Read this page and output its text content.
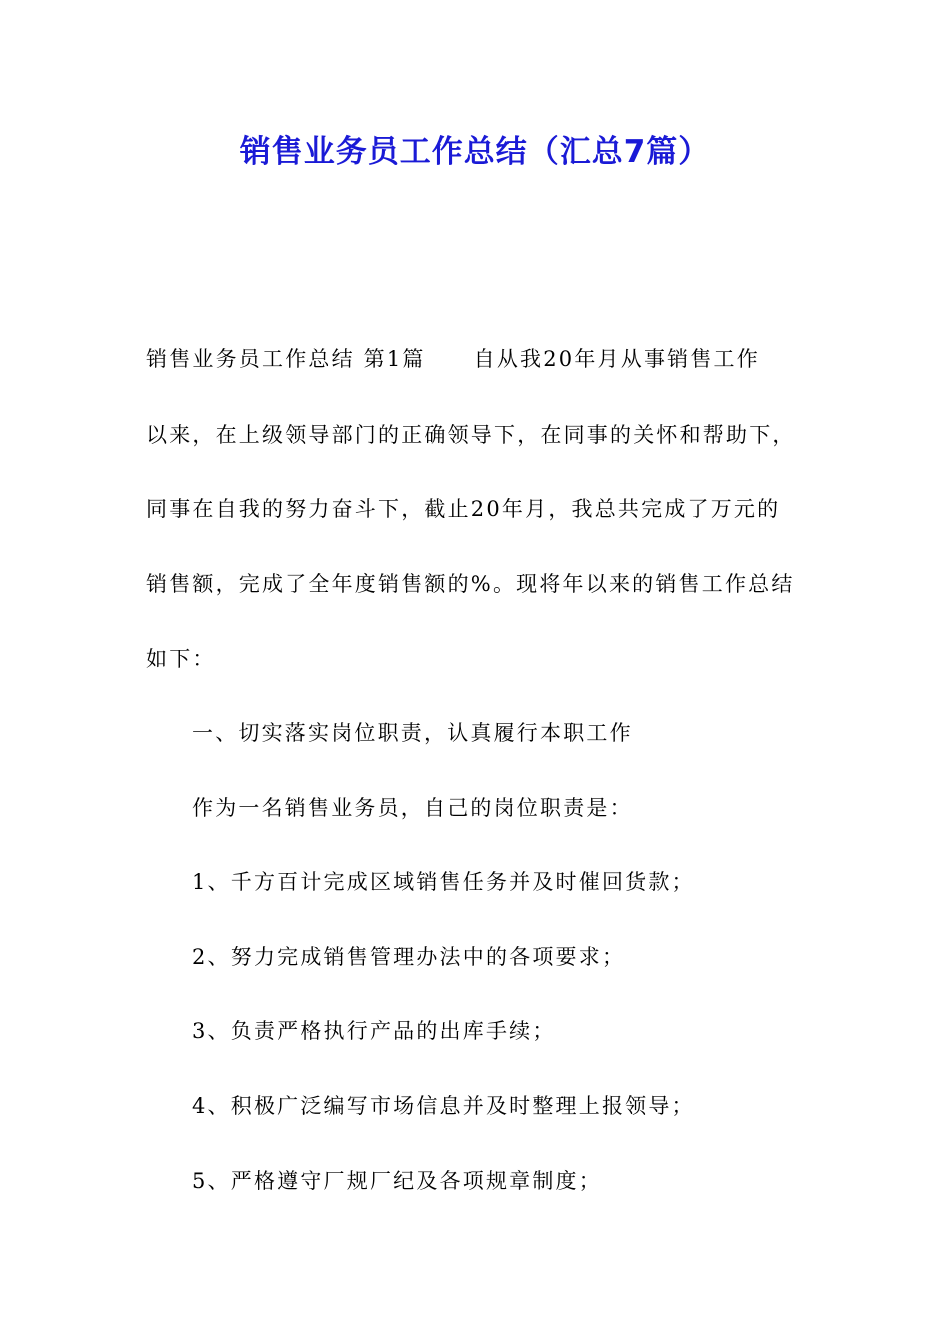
销售业务员工作总结（汇总7篇）
销售业务员工作总结 第1篇 自从我20年月从事销售工作
以来，在上级领导部门的正确领导下，在同事的关怀和帮助下，
同事在自我的努力奋斗下，截止20年月，我总共完成了万元的
销售额，完成了全年度销售额的%。现将年以来的销售工作总结
如下：
一、切实落实岗位职责，认真履行本职工作
作为一名销售业务员，自己的岗位职责是：
1、千方百计完成区域销售任务并及时催回货款；
2、努力完成销售管理办法中的各项要求；
3、负责严格执行产品的出库手续；
4、积极广泛编写市场信息并及时整理上报领导；
5、严格遵守厂规厂纪及各项规章制度；
